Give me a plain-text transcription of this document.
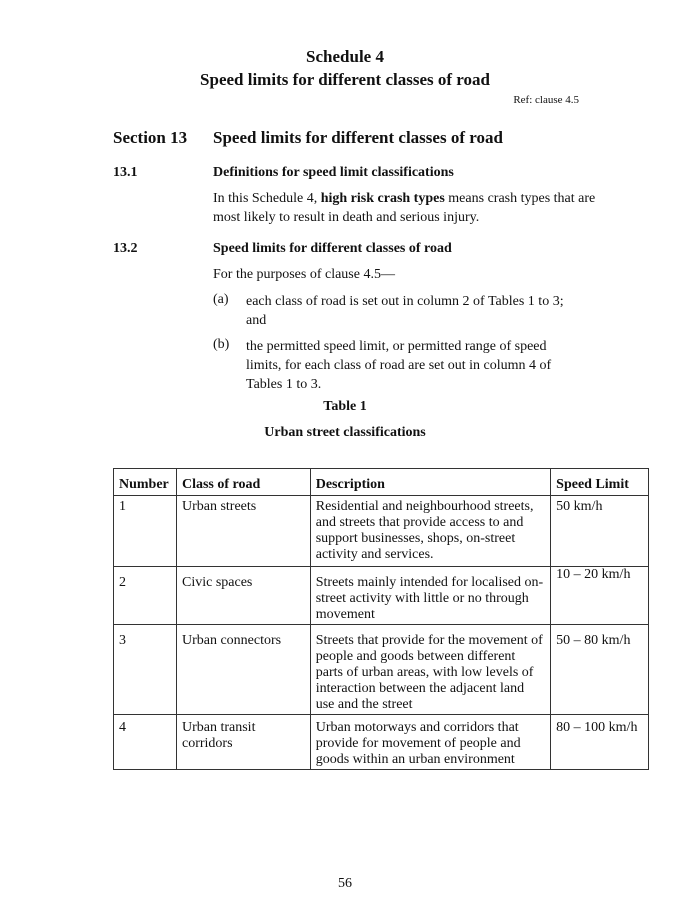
Schedule 4
Speed limits for different classes of road
Ref: clause 4.5
Section 13 Speed limits for different classes of road
13.1	Definitions for speed limit classifications
In this Schedule 4, high risk crash types means crash types that are most likely to result in death and serious injury.
13.2	Speed limits for different classes of road
For the purposes of clause 4.5—
(a) each class of road is set out in column 2 of Tables 1 to 3; and
(b) the permitted speed limit, or permitted range of speed limits, for each class of road are set out in column 4 of Tables 1 to 3.
Table 1
Urban street classifications
Number	Class of road	Description	Speed Limit
1	Urban streets	Residential and neighbourhood streets, and streets that provide access to and support businesses, shops, on-street activity and services.	50 km/h
2	Civic spaces	Streets mainly intended for localised on-street activity with little or no through movement	10 – 20 km/h
3	Urban connectors	Streets that provide for the movement of people and goods between different parts of urban areas, with low levels of interaction between the adjacent land use and the street	50 – 80 km/h
4	Urban transit corridors	Urban motorways and corridors that provide for movement of people and goods within an urban environment	80 – 100 km/h
56
